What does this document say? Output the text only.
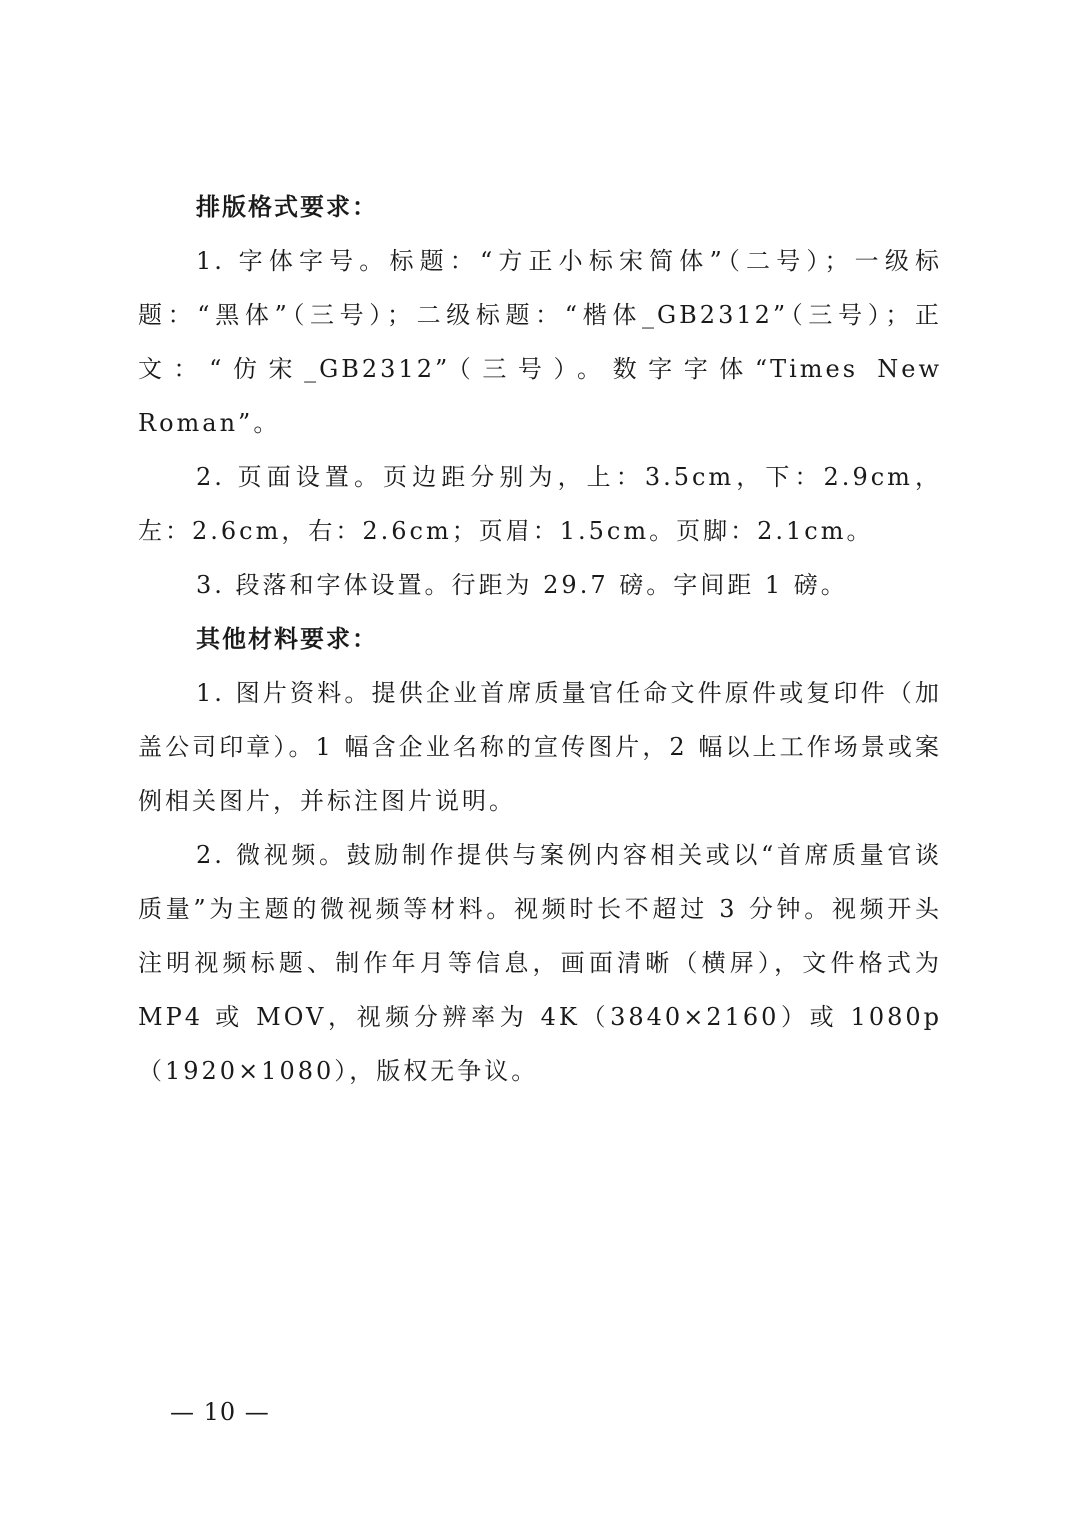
排版格式要求：

1. 字体字号。标题：“方正小标宋简体”（二号）；一级标题：“黑体”（三号）；二级标题：“楷体_GB2312”（三号）；正文：“仿宋_GB2312”（三号）。数字字体“Times New Roman”。

2. 页面设置。页边距分别为，上：3.5cm，下：2.9cm，左：2.6cm，右：2.6cm；页眉：1.5cm。页脚：2.1cm。

3. 段落和字体设置。行距为 29.7 磅。字间距 1 磅。

其他材料要求：

1. 图片资料。提供企业首席质量官任命文件原件或复印件（加盖公司印章）。1 幅含企业名称的宣传图片，2 幅以上工作场景或案例相关图片，并标注图片说明。

2. 微视频。鼓励制作提供与案例内容相关或以“首席质量官谈质量”为主题的微视频等材料。视频时长不超过 3 分钟。视频开头注明视频标题、制作年月等信息，画面清晰（横屏），文件格式为 MP4 或 MOV，视频分辨率为 4K（3840×2160）或 1080p（1920×1080），版权无争议。

— 10 —
